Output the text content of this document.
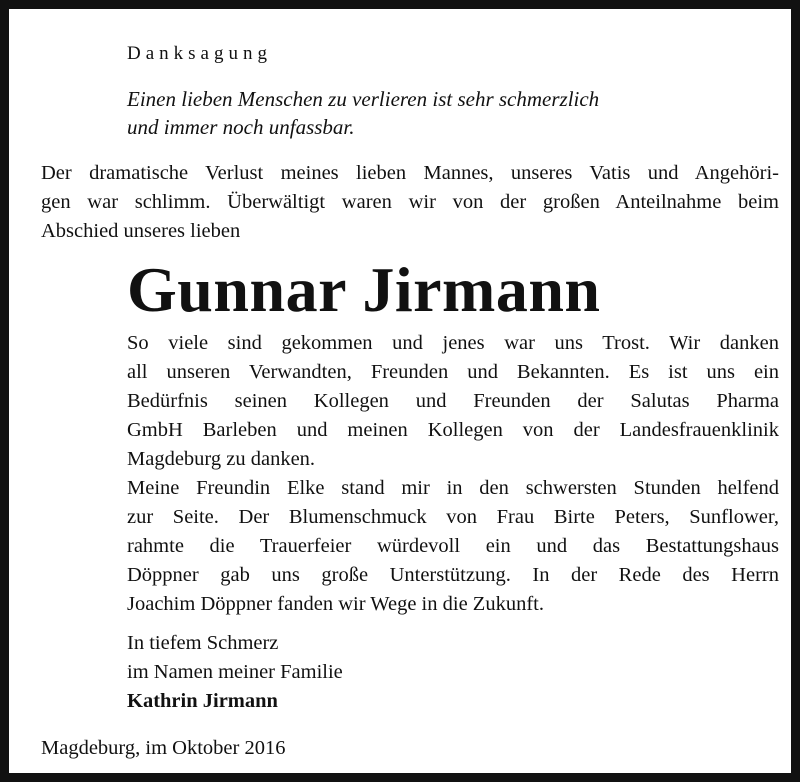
Danksagung

Einen lieben Menschen zu verlieren ist sehr schmerzlich

und immer noch unfassbar.

Der dramatische Verlust meines lieben Mannes, unseres Vatis und Angehöri-

gen war schlimm. Überwältigt waren wir von der großen Anteilnahme beim

Abschied unseres lieben

Gunnar Jirmann

So viele sind gekommen und jenes war uns Trost. Wir danken

all unseren Verwandten, Freunden und Bekannten. Es ist uns ein

Bedürfnis seinen Kollegen und Freunden der Salutas Pharma

GmbH Barleben und meinen Kollegen von der Landesfrauenklinik

Magdeburg zu danken.

Meine Freundin Elke stand mir in den schwersten Stunden helfend

zur Seite. Der Blumenschmuck von Frau Birte Peters, Sunflower,

rahmte die Trauerfeier würdevoll ein und das Bestattungshaus

Döppner gab uns große Unterstützung. In der Rede des Herrn

Joachim Döppner fanden wir Wege in die Zukunft.

In tiefem Schmerz

im Namen meiner Familie

Kathrin Jirmann

Magdeburg, im Oktober 2016
